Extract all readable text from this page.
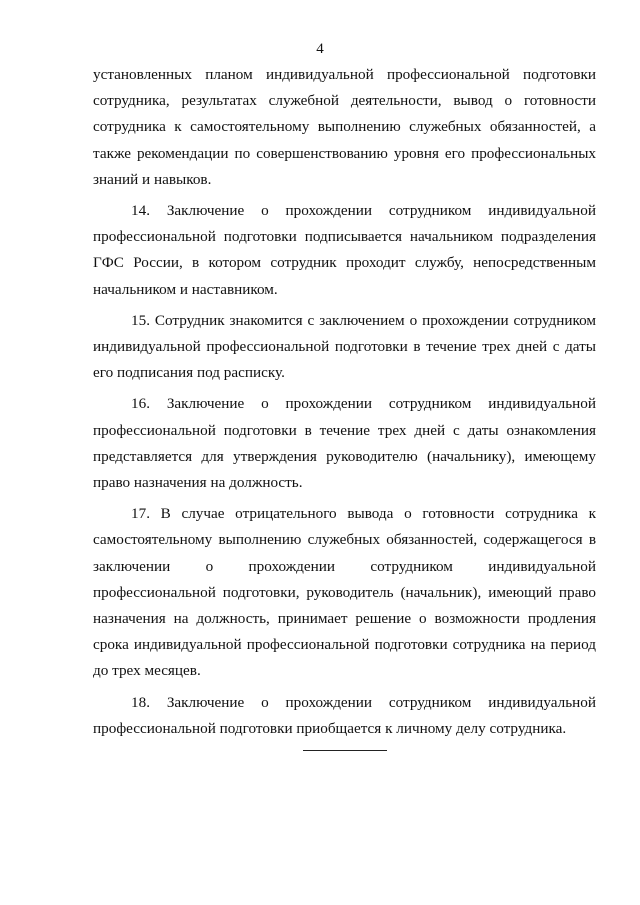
4

установленных планом индивидуальной профессиональной подготовки сотрудника, результатах служебной деятельности, вывод о готовности сотрудника к самостоятельному выполнению служебных обязанностей, а также рекомендации по совершенствованию уровня его профессиональных знаний и навыков.

14. Заключение о прохождении сотрудником индивидуальной профессиональной подготовки подписывается начальником подразделения ГФС России, в котором сотрудник проходит службу, непосредственным начальником и наставником.

15. Сотрудник знакомится с заключением о прохождении сотрудником индивидуальной профессиональной подготовки в течение трех дней с даты его подписания под расписку.

16. Заключение о прохождении сотрудником индивидуальной профессиональной подготовки в течение трех дней с даты ознакомления представляется для утверждения руководителю (начальнику), имеющему право назначения на должность.

17. В случае отрицательного вывода о готовности сотрудника к самостоятельному выполнению служебных обязанностей, содержащегося в заключении о прохождении сотрудником индивидуальной профессиональной подготовки, руководитель (начальник), имеющий право назначения на должность, принимает решение о возможности продления срока индивидуальной профессиональной подготовки сотрудника на период до трех месяцев.

18. Заключение о прохождении сотрудником индивидуальной профессиональной подготовки приобщается к личному делу сотрудника.
